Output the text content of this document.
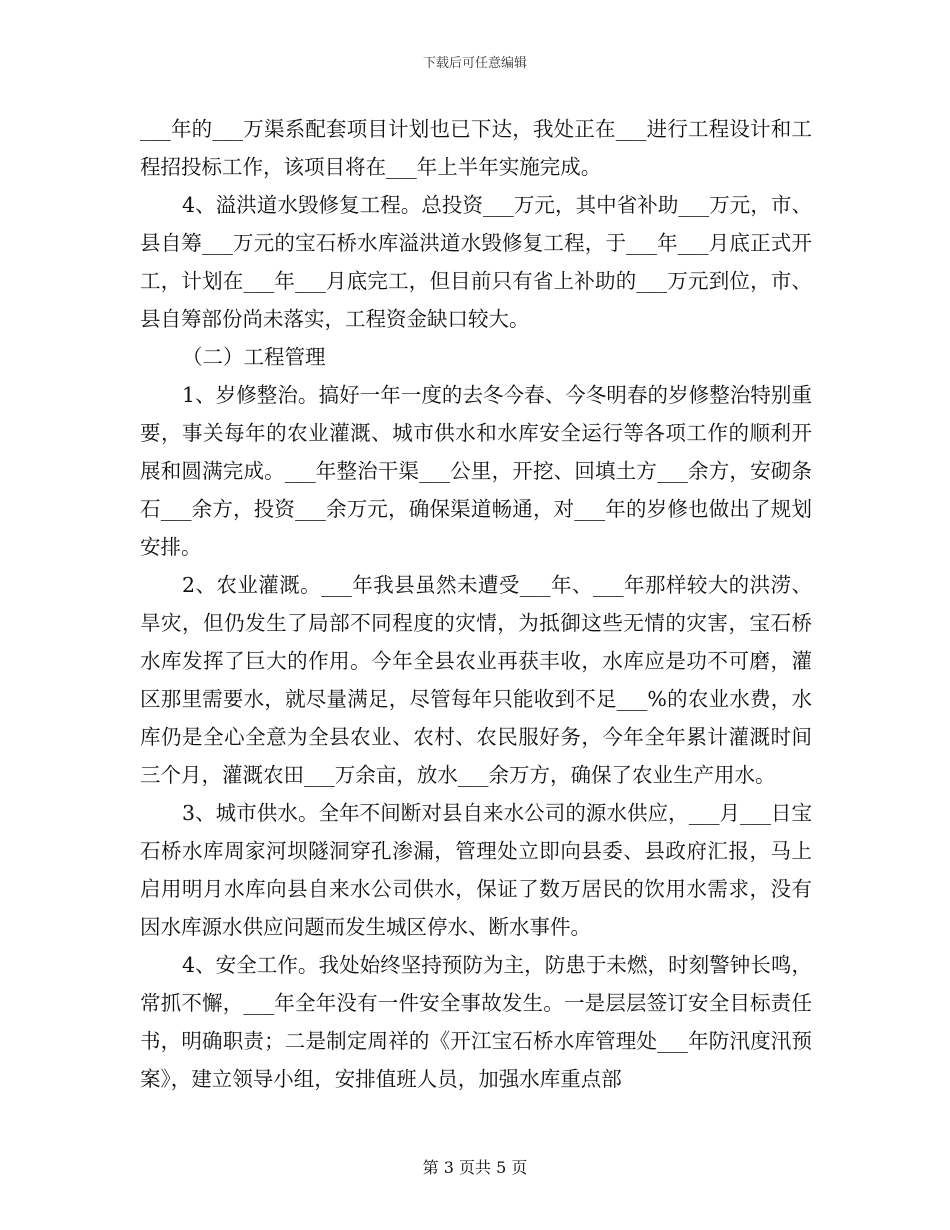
下载后可任意编辑

___年的___万渠系配套项目计划也已下达，我处正在___进行工程设计和工程招投标工作，该项目将在___年上半年实施完成。

4、溢洪道水毁修复工程。总投资___万元，其中省补助___万元，市、县自筹___万元的宝石桥水库溢洪道水毁修复工程，于___年___月底正式开工，计划在___年___月底完工，但目前只有省上补助的___万元到位，市、县自筹部份尚未落实，工程资金缺口较大。

（二）工程管理

1、岁修整治。搞好一年一度的去冬今春、今冬明春的岁修整治特别重要，事关每年的农业灌溉、城市供水和水库安全运行等各项工作的顺利开展和圆满完成。___年整治干渠___公里，开挖、回填土方___余方，安砌条石___余方，投资___余万元，确保渠道畅通，对___年的岁修也做出了规划安排。

2、农业灌溉。___年我县虽然未遭受___年、___年那样较大的洪涝、旱灾，但仍发生了局部不同程度的灾情，为抵御这些无情的灾害，宝石桥水库发挥了巨大的作用。今年全县农业再获丰收，水库应是功不可磨，灌区那里需要水，就尽量满足，尽管每年只能收到不足___%的农业水费，水库仍是全心全意为全县农业、农村、农民服好务，今年全年累计灌溉时间三个月，灌溉农田___万余亩，放水___余万方，确保了农业生产用水。

3、城市供水。全年不间断对县自来水公司的源水供应，___月___日宝石桥水库周家河坝隧洞穿孔渗漏，管理处立即向县委、县政府汇报，马上启用明月水库向县自来水公司供水，保证了数万居民的饮用水需求，没有因水库源水供应问题而发生城区停水、断水事件。

4、安全工作。我处始终坚持预防为主，防患于未燃，时刻警钟长鸣，常抓不懈，___年全年没有一件安全事故发生。一是层层签订安全目标责任书，明确职责；二是制定周祥的《开江宝石桥水库管理处___年防汛度汛预案》，建立领导小组，安排值班人员，加强水库重点部

第 3 页共 5 页
